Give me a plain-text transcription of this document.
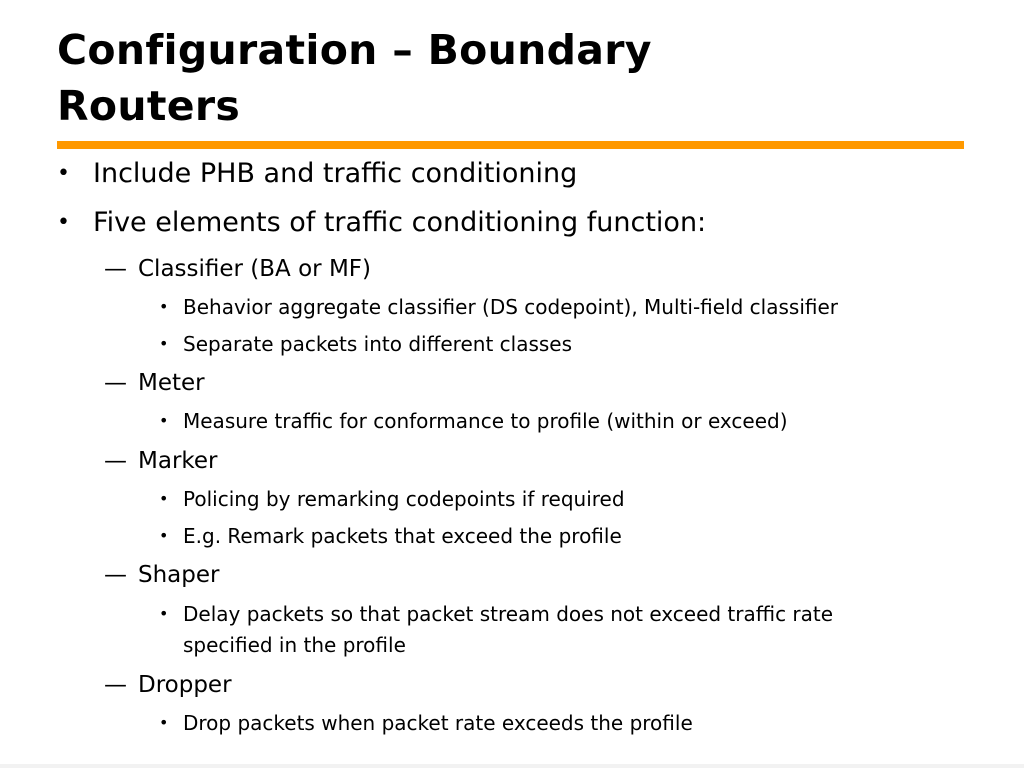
Configuration – Boundary
Routers
• Include PHB and traffic conditioning
• Five elements of traffic conditioning function:
— Classifier (BA or MF)
• Behavior aggregate classifier (DS codepoint), Multi-field classifier
• Separate packets into different classes
— Meter
• Measure traffic for conformance to profile (within or exceed)
— Marker
• Policing by remarking codepoints if required
• E.g. Remark packets that exceed the profile
— Shaper
• Delay packets so that packet stream does not exceed traffic rate
specified in the profile
— Dropper
• Drop packets when packet rate exceeds the profile
